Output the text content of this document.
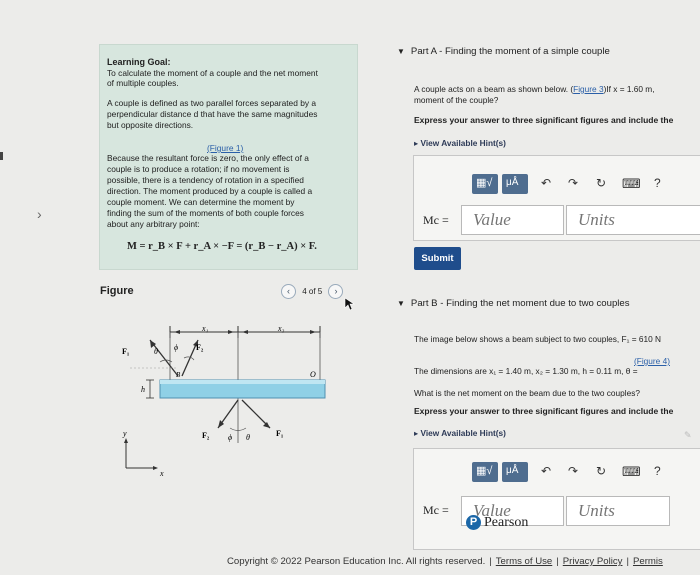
›
Learning Goal:
To calculate the moment of a couple and the net moment
of multiple couples.
A couple is defined as two parallel forces separated by a
perpendicular distance d that have the same magnitudes
but opposite directions.
(Figure 1)
Because the resultant force is zero, the only effect of a
couple is to produce a rotation; if no movement is
possible, there is a tendency of rotation in a specified
direction. The moment produced by a couple is called a
couple moment. We can determine the moment by
finding the sum of the moments of both couple forces
about any arbitrary point:
M = r_B × F + r_A × −F = (r_B − r_A) × F.
Figure	‹ 4 of 5 ›
x₁	x₂
F₁	F₂
θ ϕ
B	O
h
y
x
F₂ ϕ θ	F₁
▼ Part A - Finding the moment of a simple couple
A couple acts on a beam as shown below. (Figure 3)If x = 1.60 m,
moment of the couple?
Express your answer to three significant figures and include the
▸ View Available Hint(s)
▦√ μÅ ↶ ↷ ↻ ⌨ ?
Mc =
Value
Units
Submit
▼ Part B - Finding the net moment due to two couples
The image below shows a beam subject to two couples, F₁ = 610 N
(Figure 4)
The dimensions are x₁ = 1.40 m, x₂ = 1.30 m, h = 0.11 m, θ =
What is the net moment on the beam due to the two couples?
Express your answer to three significant figures and include the
▸ View Available Hint(s)	✎
▦√ μÅ ↶ ↷ ↻ ⌨ ?
Mc =
Value
Units
P Pearson
Copyright © 2022 Pearson Education Inc. All rights reserved. | Terms of Use | Privacy Policy | Permis
